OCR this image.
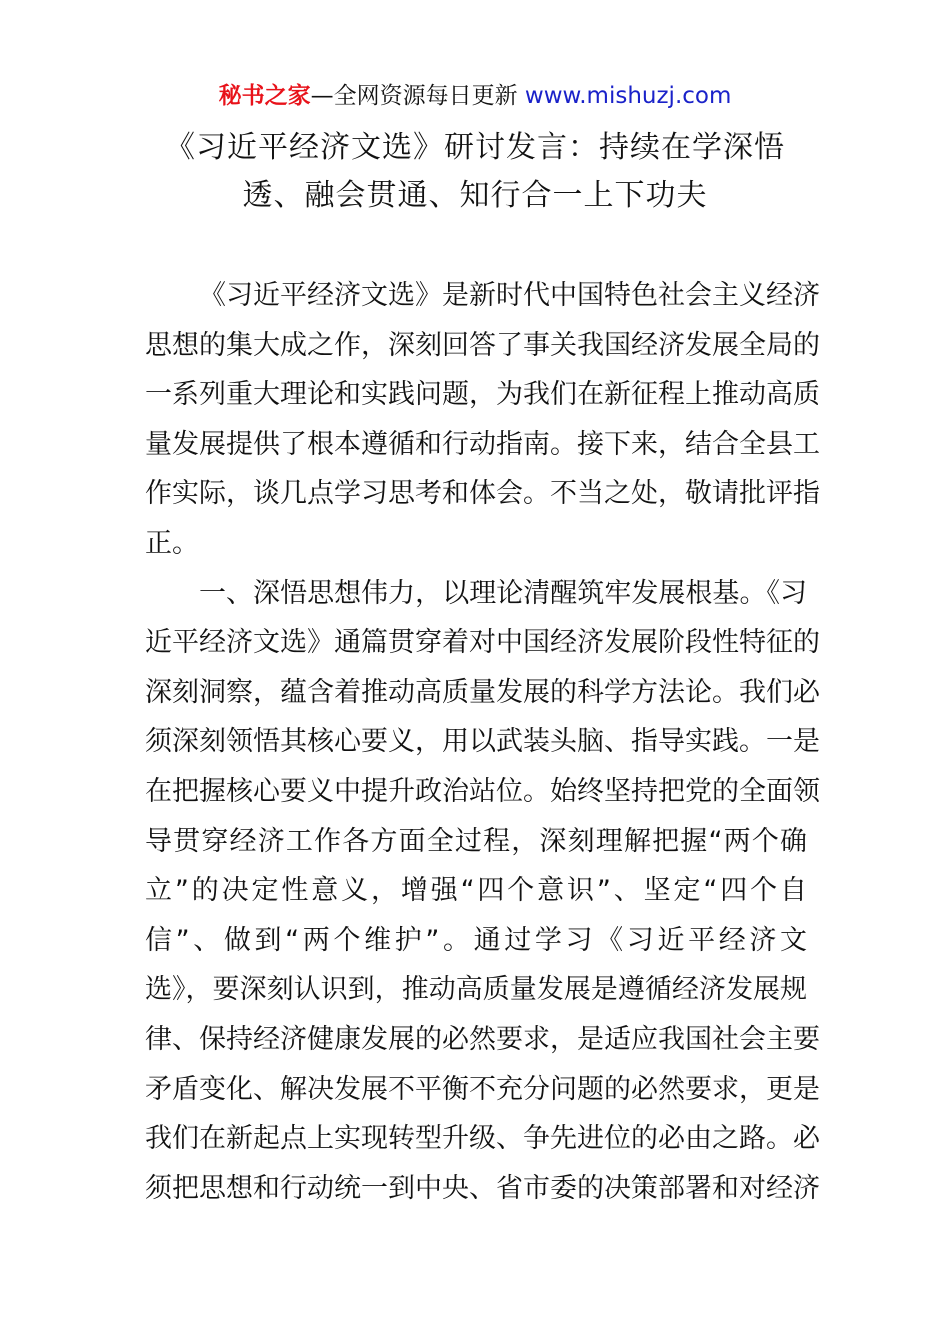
秘书之家—全网资源每日更新 www.mishuzj.com
《习近平经济文选》研讨发言：持续在学深悟
透、融会贯通、知行合一上下功夫
《习近平经济文选》是新时代中国特色社会主义经济
思想的集大成之作，深刻回答了事关我国经济发展全局的
一系列重大理论和实践问题，为我们在新征程上推动高质
量发展提供了根本遵循和行动指南。接下来，结合全县工
作实际，谈几点学习思考和体会。不当之处，敬请批评指
正。
一、深悟思想伟力，以理论清醒筑牢发展根基。《习
近平经济文选》通篇贯穿着对中国经济发展阶段性特征的
深刻洞察，蕴含着推动高质量发展的科学方法论。我们必
须深刻领悟其核心要义，用以武装头脑、指导实践。一是
在把握核心要义中提升政治站位。始终坚持把党的全面领
导贯穿经济工作各方面全过程，深刻理解把握“两个确
立”的决定性意义，增强“四个意识”、坚定“四个自
信”、做到“两个维护”。通过学习《习近平经济文
选》，要深刻认识到，推动高质量发展是遵循经济发展规
律、保持经济健康发展的必然要求，是适应我国社会主要
矛盾变化、解决发展不平衡不充分问题的必然要求，更是
我们在新起点上实现转型升级、争先进位的必由之路。必
须把思想和行动统一到中央、省市委的决策部署和对经济
